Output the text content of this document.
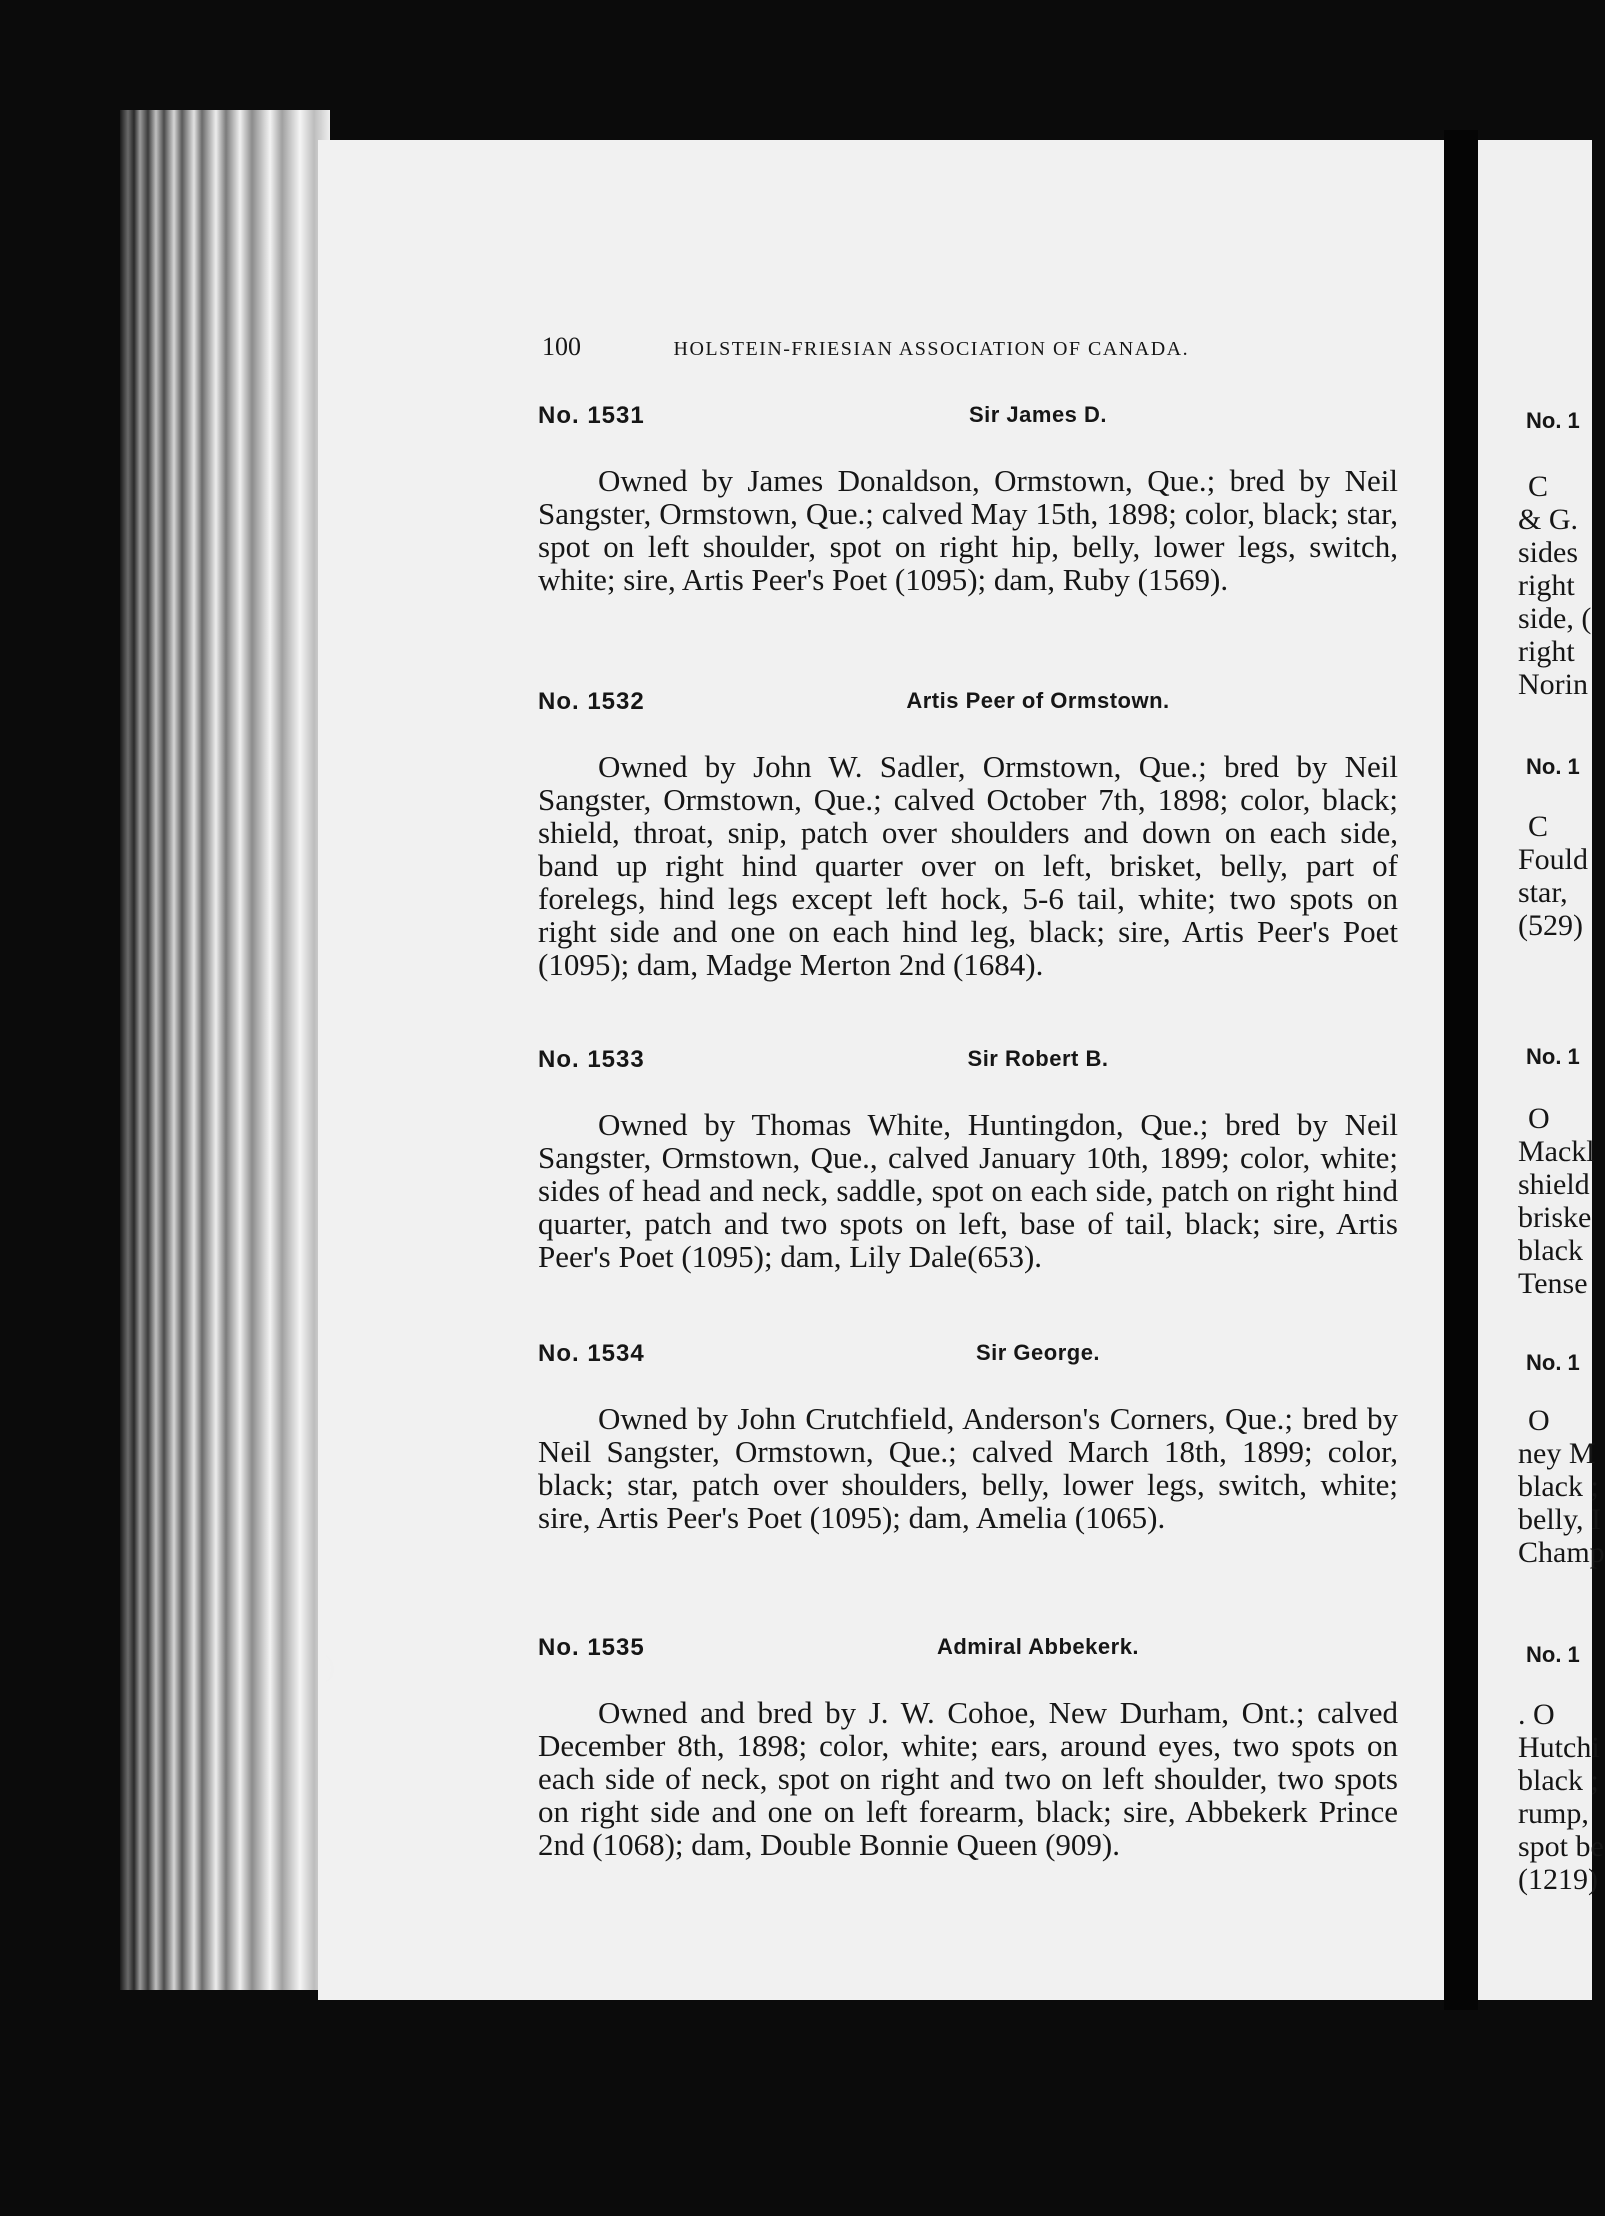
100	HOLSTEIN-FRIESIAN ASSOCIATION OF CANADA.
No. 1531	Sir James D.
Owned by James Donaldson, Ormstown, Que.; bred by Neil Sangster, Ormstown, Que.; calved May 15th, 1898; color, black; star, spot on left shoulder, spot on right hip, belly, lower legs, switch, white; sire, Artis Peer's Poet (1095); dam, Ruby (1569).
No. 1532	Artis Peer of Ormstown.
Owned by John W. Sadler, Ormstown, Que.; bred by Neil Sangster, Ormstown, Que.; calved October 7th, 1898; color, black; shield, throat, snip, patch over shoulders and down on each side, band up right hind quarter over on left, brisket, belly, part of forelegs, hind legs except left hock, 5-6 tail, white; two spots on right side and one on each hind leg, black; sire, Artis Peer's Poet (1095); dam, Madge Merton 2nd (1684).
No. 1533	Sir Robert B.
Owned by Thomas White, Huntingdon, Que.; bred by Neil Sangster, Ormstown, Que., calved January 10th, 1899; color, white; sides of head and neck, saddle, spot on each side, patch on right hind quarter, patch and two spots on left, base of tail, black; sire, Artis Peer's Poet (1095); dam, Lily Dale(653).
No. 1534	Sir George.
Owned by John Crutchfield, Anderson's Corners, Que.; bred by Neil Sangster, Ormstown, Que.; calved March 18th, 1899; color, black; star, patch over shoulders, belly, lower legs, switch, white; sire, Artis Peer's Poet (1095); dam, Amelia (1065).
No. 1535	Admiral Abbekerk.
Owned and bred by J. W. Cohoe, New Durham, Ont.; calved December 8th, 1898; color, white; ears, around eyes, two spots on each side of neck, spot on right and two on left shoulder, two spots on right side and one on left forearm, black; sire, Abbekerk Prince 2nd (1068); dam, Double Bonnie Queen (909).
)
No. 1
C
& G.
sides
right
side, (
right
Norin
No. 1
C
Fould
star,
(529)
No. 1
O
Mackl
shield
briske
black
Tense
No. 1
O
ney M
black ;
belly, I
Champ
No. 1
. O
Hutchi
black ;
rump,
spot be
(1219)
